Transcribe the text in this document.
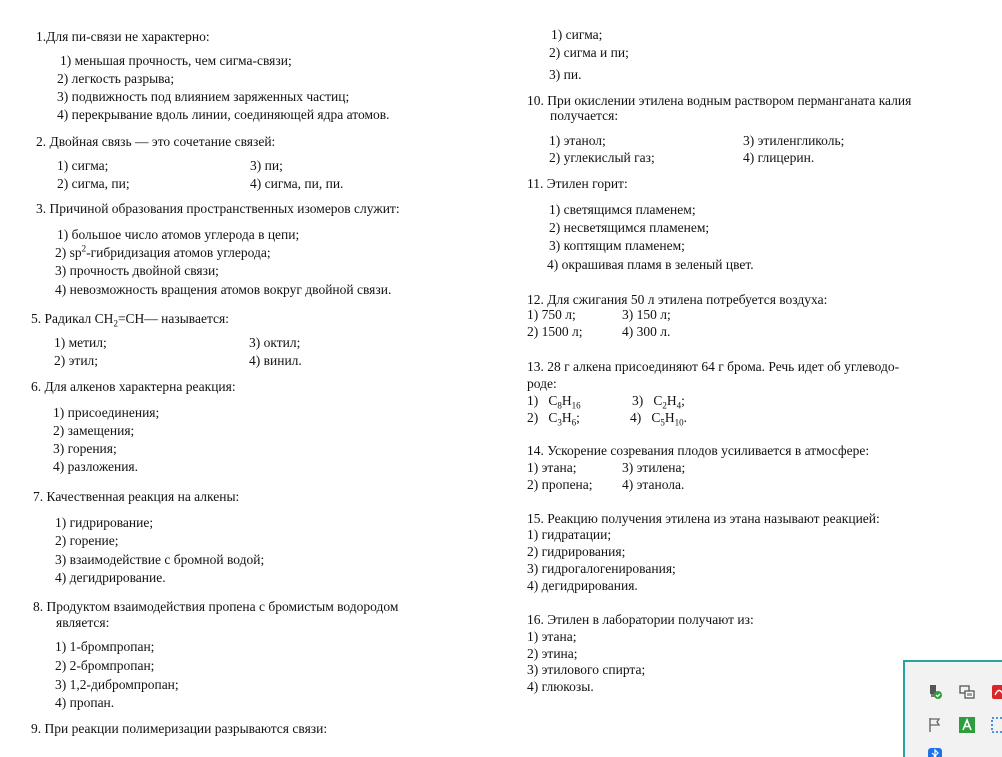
1.Для пи-связи не характерно:
1) меньшая прочность, чем сигма-связи;
2) легкость разрыва;
3) подвижность под влиянием заряженных частиц;
4) перекрывание вдоль линии, соединяющей ядра атомов.
2. Двойная связь — это сочетание связей:
1) сигма;	3) пи;
2) сигма, пи;	4) сигма, пи, пи.
3. Причиной образования пространственных изомеров служит:
1) большое число атомов углерода в цепи;
2) $sp^2$-гибридизация атомов углерода;
3) прочность двойной связи;
4) невозможность вращения атомов вокруг двойной связи.
5. Радикал $CH_2=CH—$ называется:
1) метил;	3) октил;
2) этил;	4) винил.
6. Для алкенов характерна реакция:
1) присоединения;
2) замещения;
3) горения;
4) разложения.
7. Качественная реакция на алкены:
1) гидрирование;
2) горение;
3) взаимодействие с бромной водой;
4) дегидрирование.
8. Продуктом взаимодействия пропена с бромистым водородом
является:
1) 1-бромпропан;
2) 2-бромпропан;
3) 1,2-дибромпропан;
4) пропан.
9. При реакции полимеризации разрываются связи:
1) сигма;
2) сигма и пи;
3) пи.
10. При окислении этилена водным раствором перманганата калия
получается:
1) этанол;	3) этиленгликоль;
2) углекислый газ;	4) глицерин.
11. Этилен горит:
1) светящимся пламенем;
2) несветящимся пламенем;
3) коптящим пламенем;
4) окрашивая пламя в зеленый цвет.
12. Для сжигания 50 л этилена потребуется воздуха:
1) 750 л;	3) 150 л;
2) 1500 л;	4) 300 л.
13. 28 г алкена присоединяют 64 г брома. Речь идет об углеводо-
роде:
1) $C_8H_{16}$	3) $C_2H_4$;
2) $C_3H_6$;	4) $C_5H_{10}$.
14. Ускорение созревания плодов усиливается в атмосфере:
1) этана;	3) этилена;
2) пропена; 4) этанола.
15. Реакцию получения этилена из этана называют реакцией:
1) гидратации;
2) гидрирования;
3) гидрогалогенирования;
4) дегидрирования.
16. Этилен в лаборатории получают из:
1) этана;
2) этина;
3) этилового спирта;
4) глюкозы.
